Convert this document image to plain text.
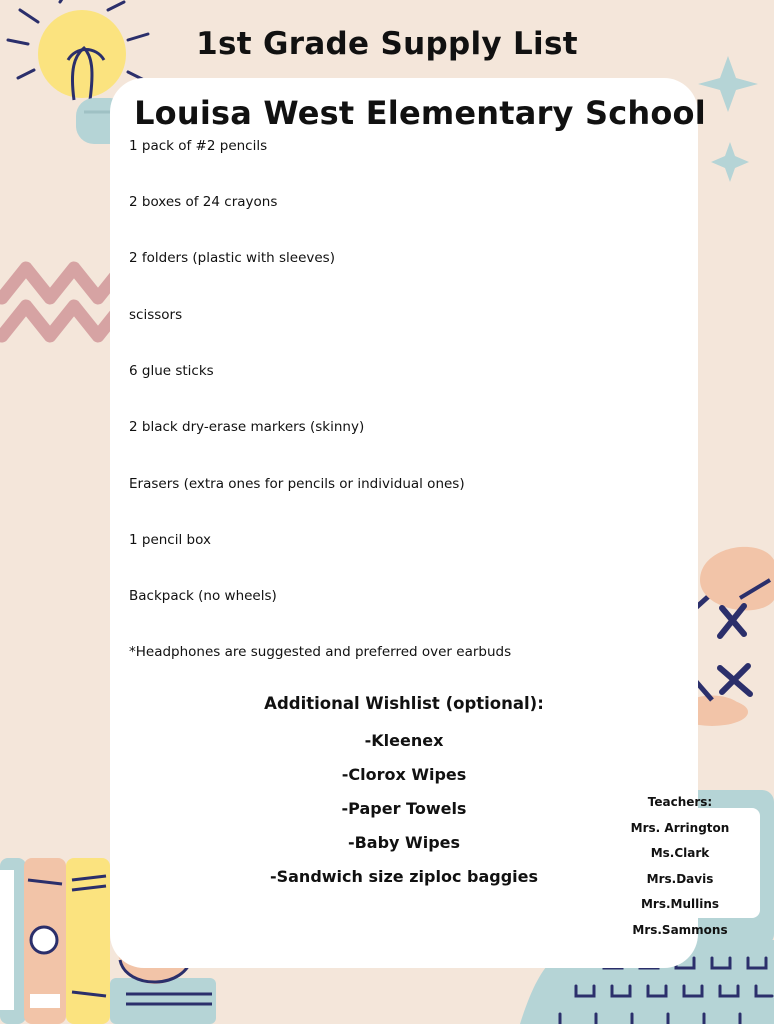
1st Grade Supply List
Louisa West Elementary School
1 pack of #2 pencils
2 boxes of 24 crayons
2 folders (plastic with sleeves)
scissors
6 glue sticks
2 black dry-erase markers (skinny)
Erasers (extra ones for pencils or individual ones)
1 pencil box
Backpack (no wheels)
*Headphones are suggested and preferred over earbuds
Additional Wishlist (optional):
-Kleenex
-Clorox Wipes
-Paper Towels
-Baby Wipes
-Sandwich size ziploc baggies
Teachers:
Mrs. Arrington
Ms.Clark
Mrs.Davis
Mrs.Mullins
Mrs.Sammons
